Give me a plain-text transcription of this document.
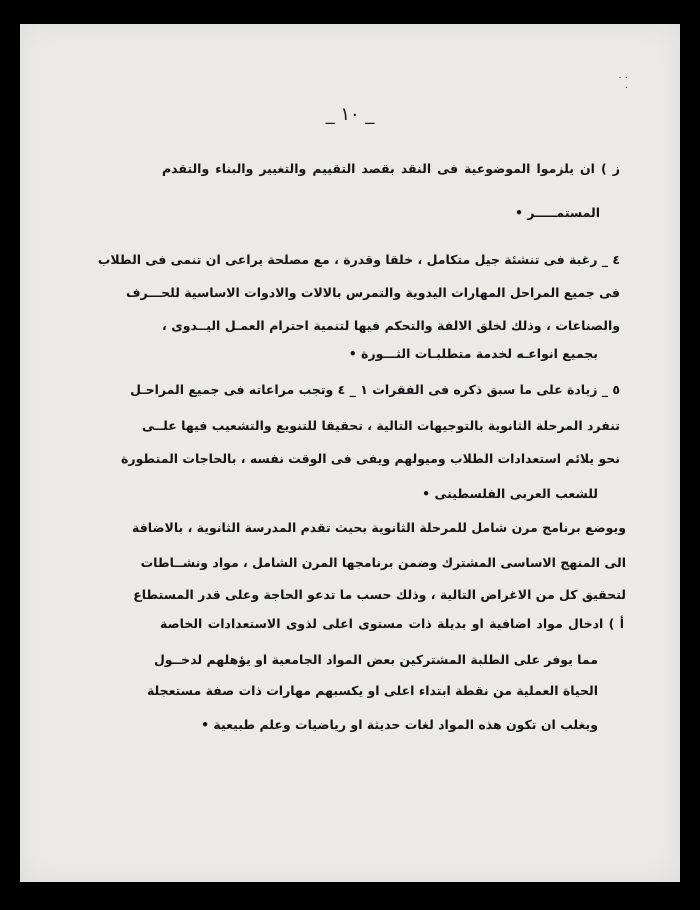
· ·
·
_ ١٠ _
ز ) ان يلزموا الموضوعية فى النقد بقصد التقييم والتغيير والبناء والتقدم
المستمـــــر •
٤ _ رغبة فى تنشئة جيل متكامل ، خلقا وقدرة ، مع مصلحة يراعى ان تنمى فى الطلاب
فى جميع المراحل المهارات اليدوية والتمرس بالالات والادوات الاساسية للحـــرف
والصناعات ، وذلك لخلق الالفة والتحكم فيها لتنمية احترام العمـل اليــدوى ،
بجميع انواعـه لخدمة متطلبـات الثـــورة •
٥ _ زيادة على ما سبق ذكره فى الفقرات ١ _ ٤ وتجب مراعاته فى جميع المراحـل
تنفرد المرحلة الثانوية بالتوجيهات التالية ، تحقيقا للتنويع والتشعيب فيها علــى
نحو يلائم استعدادات الطلاب وميولهم ويفى فى الوقت نفسه ، بالحاجات المتطورة
للشعب العربى الفلسطينى •
ويوضع برنامج مرن شامل للمرحلة الثانوية بحيث تقدم المدرسة الثانوية ، بالاضافة
الى المنهج الاساسى المشترك وضمن برنامجها المرن الشامل ، مواد ونشــاطات
لتحقيق كل من الاغراض التالية ، وذلك حسب ما تدعو الحاجة وعلى قدر المستطاع
أ ) ادخال مواد اضافية او بديلة ذات مستوى اعلى لذوى الاستعدادات الخاصة
مما يوفر على الطلبة المشتركين بعض المواد الجامعية او يؤهلهم لدخــول
الحياة العملية من نقطة ابتداء اعلى او يكسبهم مهارات ذات صفة مستعجلة
ويغلب ان تكون هذه المواد لغات حديثة او رياضيات وعلم طبيعية •
